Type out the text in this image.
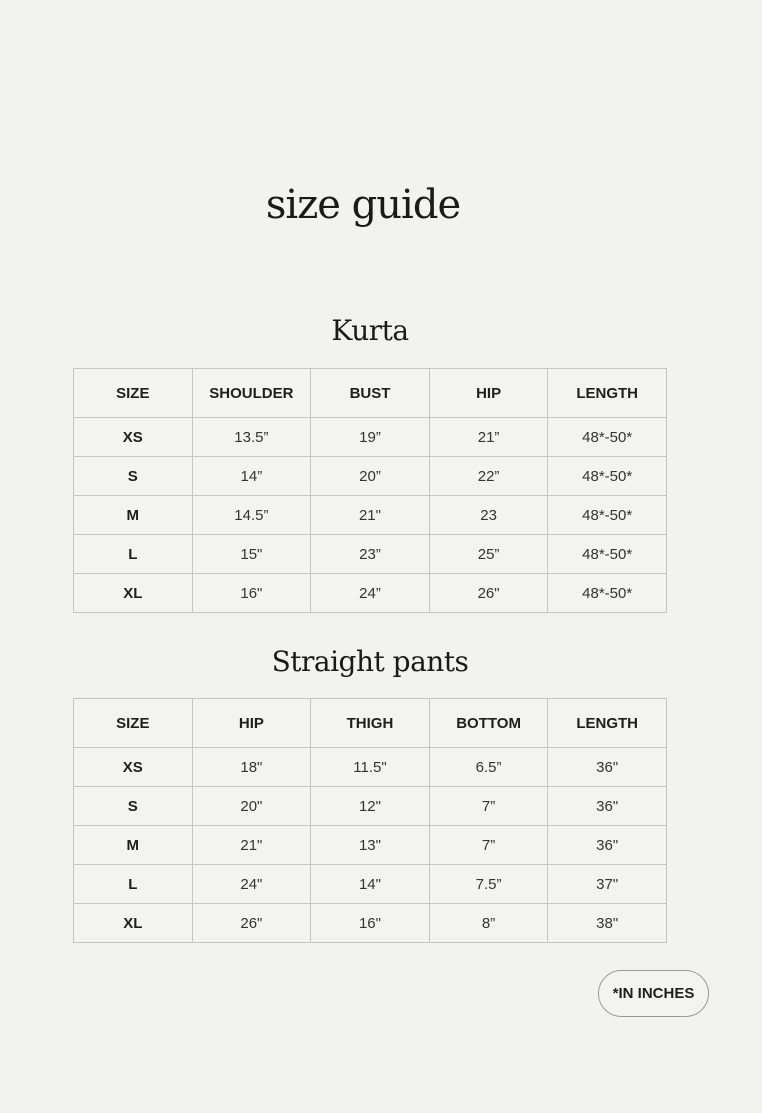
size guide
Kurta
SIZE	SHOULDER	BUST	HIP	LENGTH
XS	13.5”	19”	21”	48*-50*
S	14”	20”	22”	48*-50*
M	14.5”	21"	23	48*-50*
L	15"	23”	25”	48*-50*
XL	16"	24”	26"	48*-50*
Straight pants
SIZE	HIP	THIGH	BOTTOM	LENGTH
XS	18"	11.5"	6.5”	36"
S	20"	12"	7”	36"
M	21"	13"	7”	36"
L	24"	14"	7.5”	37"
XL	26"	16"	8”	38"
*IN INCHES
